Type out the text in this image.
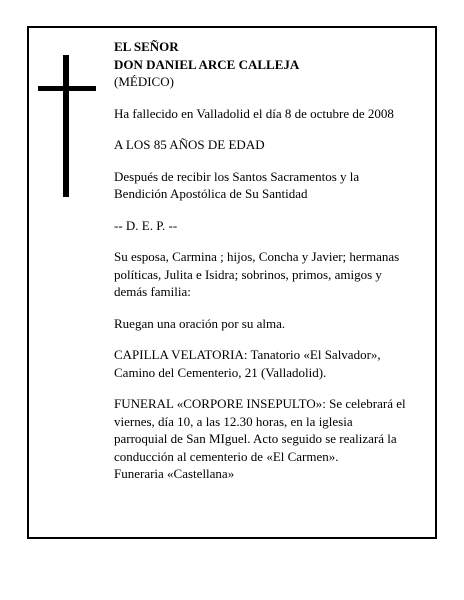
EL SEÑOR

DON DANIEL ARCE CALLEJA

(MÉDICO)

Ha fallecido en Valladolid el día 8 de octubre de 2008

A LOS 85 AÑOS DE EDAD

Después de recibir los Santos Sacramentos y la

Bendición Apostólica de Su Santidad

-- D. E. P. --

Su esposa, Carmina ; hijos, Concha y Javier; hermanas

políticas, Julita e Isidra; sobrinos, primos, amigos y

demás familia:

Ruegan una oración por su alma.

CAPILLA VELATORIA: Tanatorio «El Salvador»,

Camino del Cementerio, 21 (Valladolid).

FUNERAL «CORPORE INSEPULTO»: Se celebrará el

viernes, día 10, a las 12.30 horas, en la iglesia

parroquial de San MIguel. Acto seguido se realizará la

conducción al cementerio de «El Carmen».

Funeraria «Castellana»
